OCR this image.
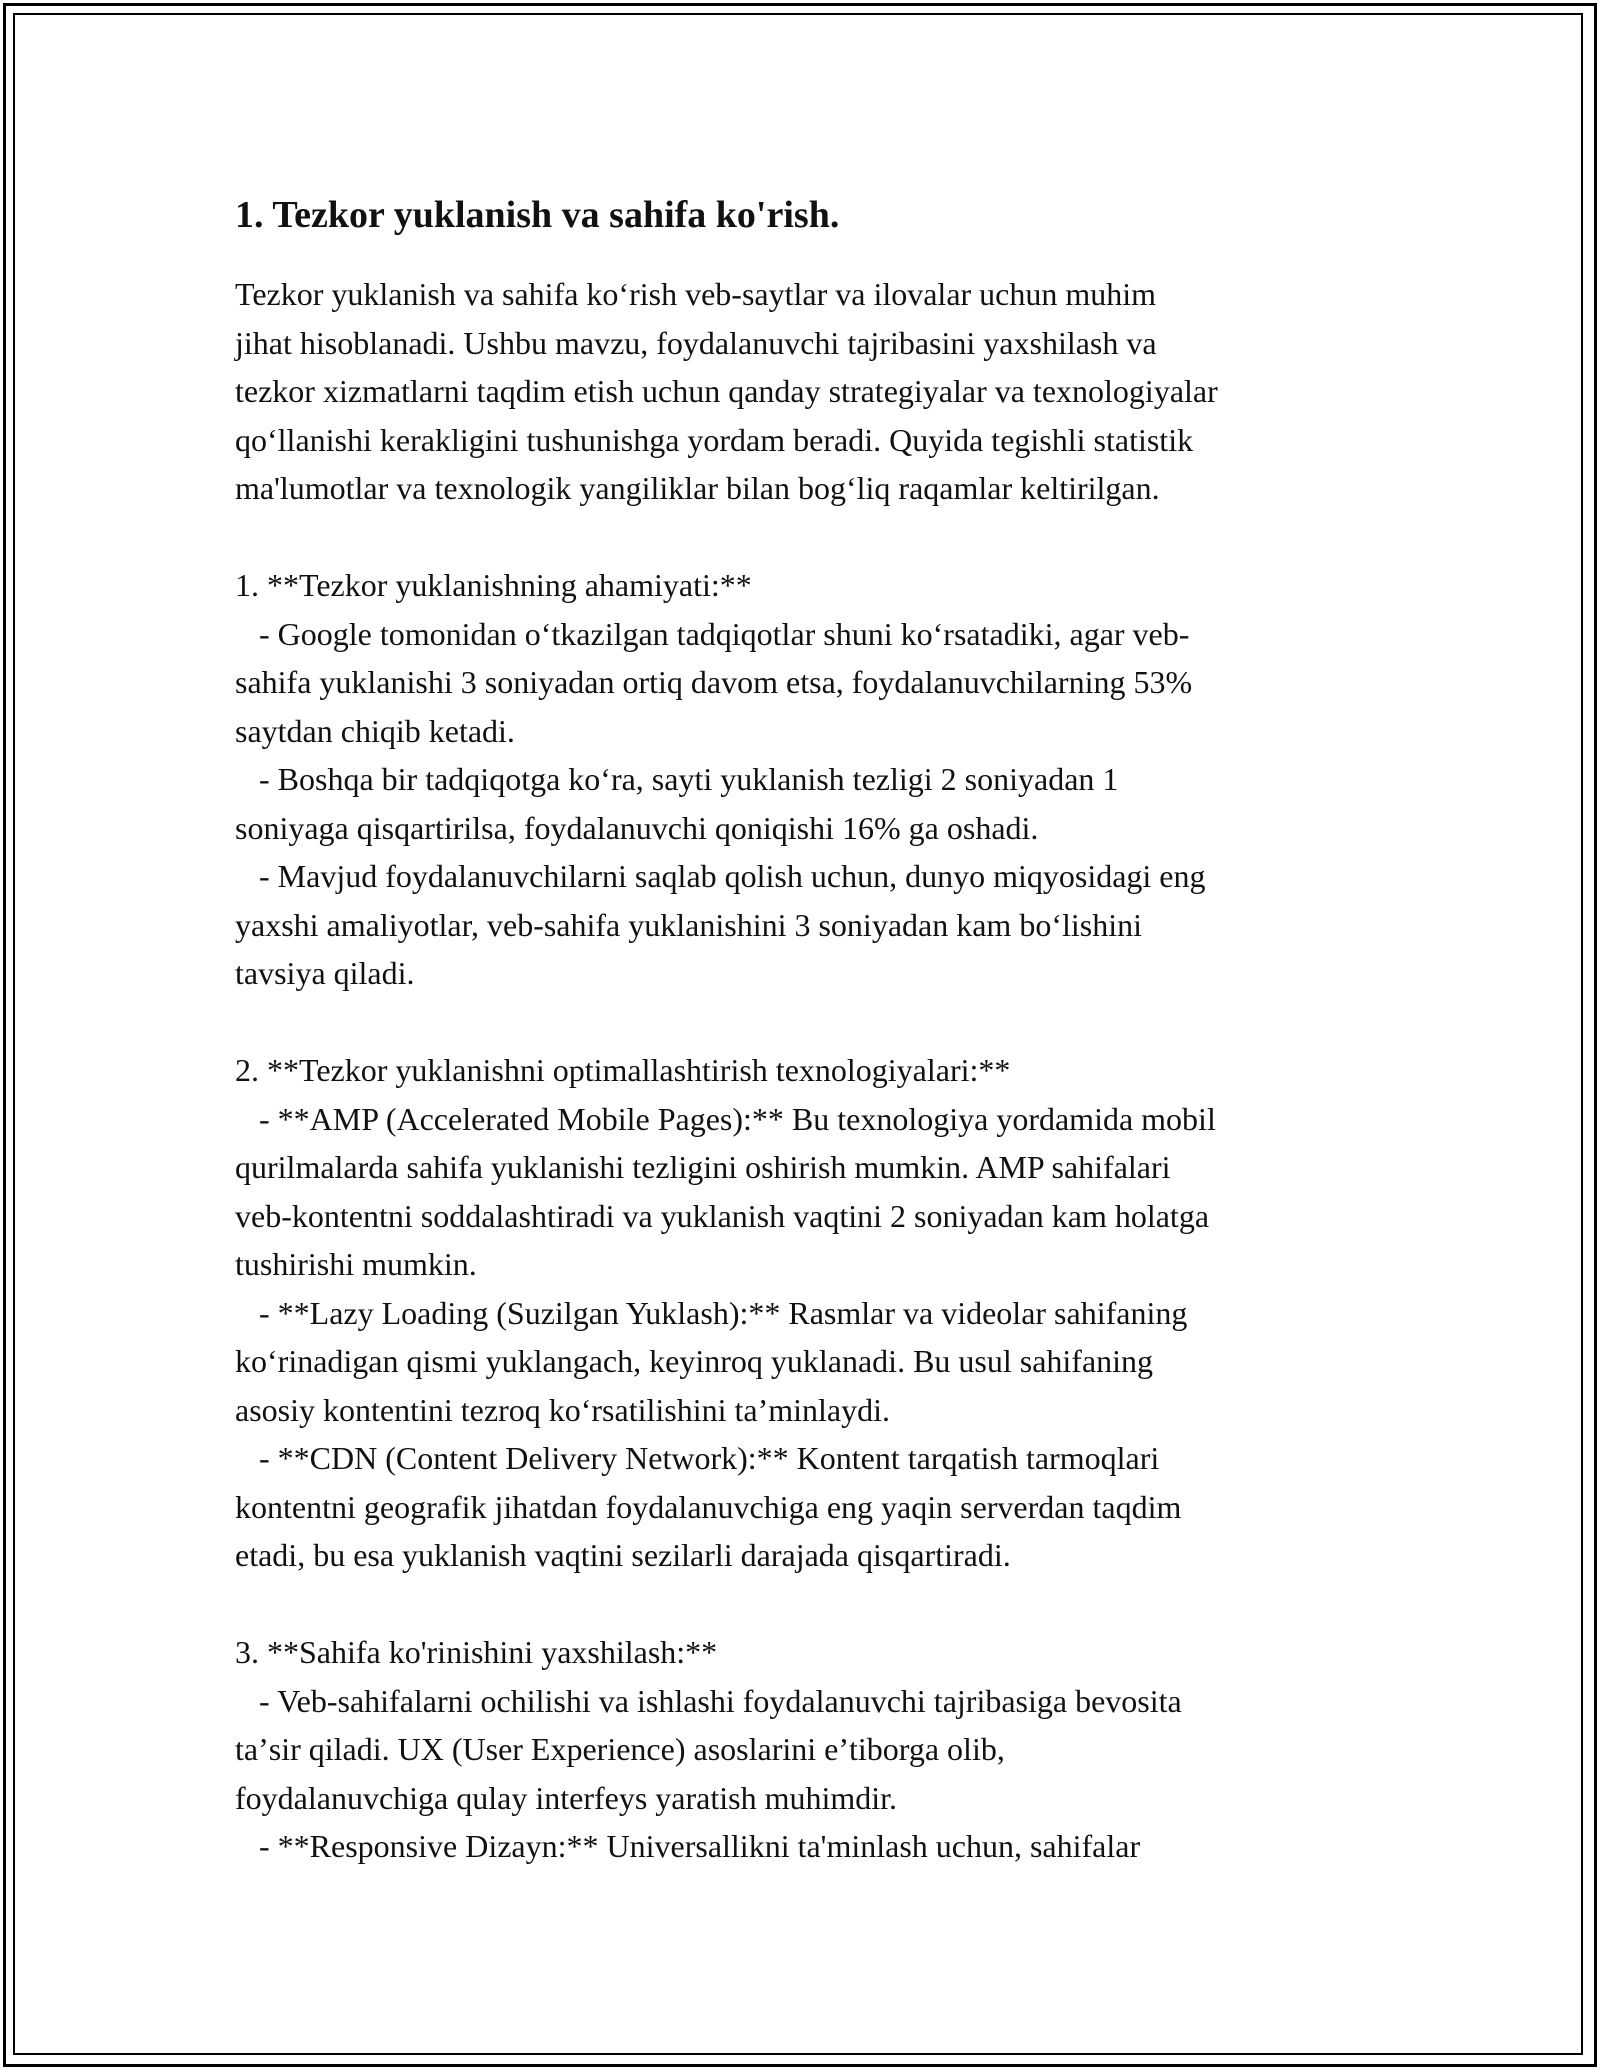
1. Tezkor yuklanish va sahifa ko'rish.
Tezkor yuklanish va sahifa koʻrish veb-saytlar va ilovalar uchun muhim
jihat hisoblanadi. Ushbu mavzu, foydalanuvchi tajribasini yaxshilash va
tezkor xizmatlarni taqdim etish uchun qanday strategiyalar va texnologiyalar
qoʻllanishi kerakligini tushunishga yordam beradi. Quyida tegishli statistik
ma'lumotlar va texnologik yangiliklar bilan bogʻliq raqamlar keltirilgan.
1. **Tezkor yuklanishning ahamiyati:**
- Google tomonidan oʻtkazilgan tadqiqotlar shuni koʻrsatadiki, agar veb-
sahifa yuklanishi 3 soniyadan ortiq davom etsa, foydalanuvchilarning 53%
saytdan chiqib ketadi.
- Boshqa bir tadqiqotga koʻra, sayti yuklanish tezligi 2 soniyadan 1
soniyaga qisqartirilsa, foydalanuvchi qoniqishi 16% ga oshadi.
- Mavjud foydalanuvchilarni saqlab qolish uchun, dunyo miqyosidagi eng
yaxshi amaliyotlar, veb-sahifa yuklanishini 3 soniyadan kam boʻlishini
tavsiya qiladi.
2. **Tezkor yuklanishni optimallashtirish texnologiyalari:**
- **AMP (Accelerated Mobile Pages):** Bu texnologiya yordamida mobil
qurilmalarda sahifa yuklanishi tezligini oshirish mumkin. AMP sahifalari
veb-kontentni soddalashtiradi va yuklanish vaqtini 2 soniyadan kam holatga
tushirishi mumkin.
- **Lazy Loading (Suzilgan Yuklash):** Rasmlar va videolar sahifaning
koʻrinadigan qismi yuklangach, keyinroq yuklanadi. Bu usul sahifaning
asosiy kontentini tezroq koʻrsatilishini taʼminlaydi.
- **CDN (Content Delivery Network):** Kontent tarqatish tarmoqlari
kontentni geografik jihatdan foydalanuvchiga eng yaqin serverdan taqdim
etadi, bu esa yuklanish vaqtini sezilarli darajada qisqartiradi.
3. **Sahifa ko'rinishini yaxshilash:**
- Veb-sahifalarni ochilishi va ishlashi foydalanuvchi tajribasiga bevosita
taʼsir qiladi. UX (User Experience) asoslarini eʼtiborga olib,
foydalanuvchiga qulay interfeys yaratish muhimdir.
- **Responsive Dizayn:** Universallikni ta'minlash uchun, sahifalar
